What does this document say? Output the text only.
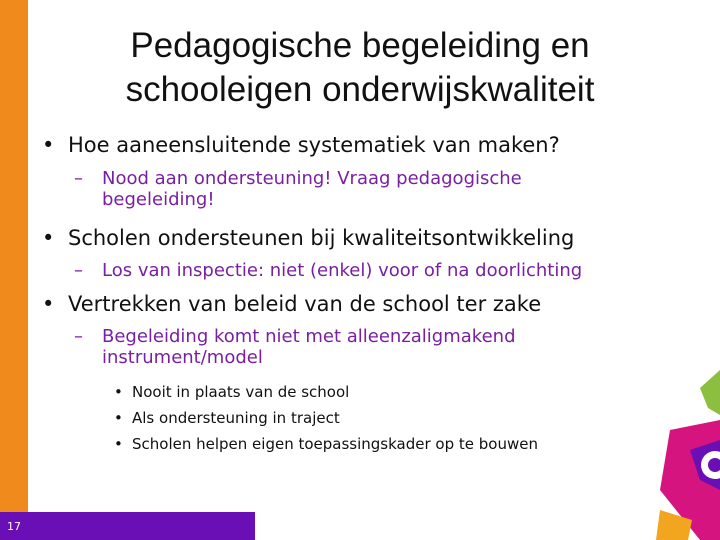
17
Pedagogische begeleiding en
schooleigen onderwijskwaliteit
• Hoe aaneensluitende systematiek van maken?
– Nood aan ondersteuning! Vraag pedagogische
begeleiding!
• Scholen ondersteunen bij kwaliteitsontwikkeling
– Los van inspectie: niet (enkel) voor of na doorlichting
• Vertrekken van beleid van de school ter zake
– Begeleiding komt niet met alleenzaligmakend
instrument/model
• Nooit in plaats van de school
• Als ondersteuning in traject
• Scholen helpen eigen toepassingskader op te bouwen
